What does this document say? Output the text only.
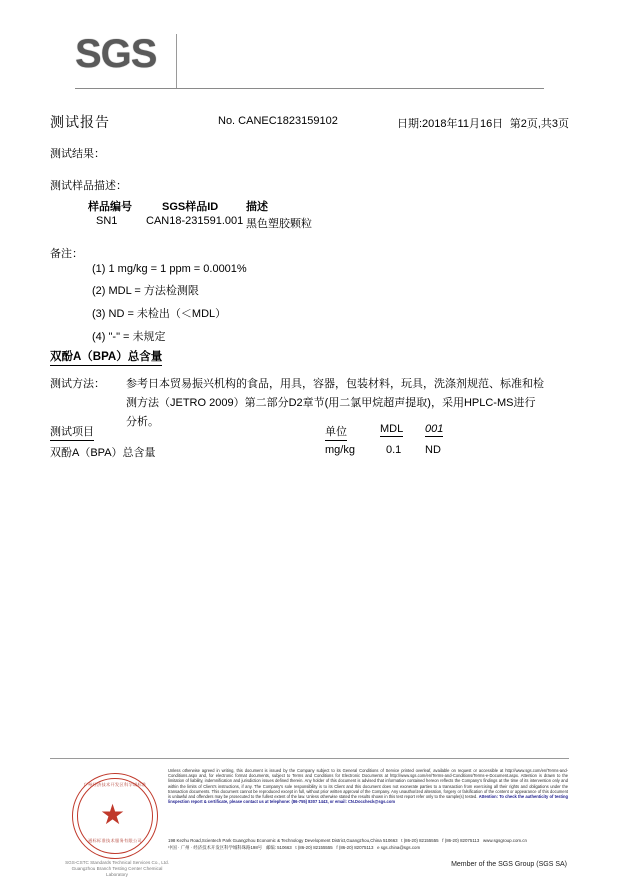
SGS
测试报告	No. CANEC1823159102	日期:2018年11月16日 第2页,共3页
测试结果：
测试样品描述：
样品编号	SGS样品ID	描述
SN1	CAN18-231591.001 黑色塑胶颗粒
备注：
(1) 1 mg/kg = 1 ppm = 0.0001%
(2) MDL = 方法检测限
(3) ND = 未检出（＜MDL）
(4) "-" = 未规定
双酚A（BPA）总含量
测试方法： 参考日本贸易振兴机构的食品，用具，容器，包装材料，玩具，洗涤剂规范、标准和检测方法（JETRO 2009）第二部分D2章节(用二氯甲烷超声提取)，采用HPLC-MS进行分析。
测试项目	单位	MDL 001
双酚A（BPA）总含量	mg/kg	0.1 ND
广州经济技术开发区科学城标准
★
通标标准技术服务有限公司
SGS-CSTC Standards Technical Services Co., Ltd.
Guangzhou Branch Testing Center Chemical Laboratory
Unless otherwise agreed in writing, this document is issued by the Company subject to its General Conditions of Service printed overleaf, available on request or accessible at http://www.sgs.com/en/Terms-and-Conditions.aspx and, for electronic format documents, subject to Terms and Conditions for Electronic Documents at http://www.sgs.com/en/Terms-and-Conditions/Terms-e-Document.aspx. Attention is drawn to the limitation of liability, indemnification and jurisdiction issues defined therein. Any holder of this document is advised that information contained hereon reflects the Company's findings at the time of its intervention only and within the limits of Client's instructions, if any. The Company's sole responsibility is to its Client and this document does not exonerate parties to a transaction from exercising all their rights and obligations under the transaction documents. This document cannot be reproduced except in full, without prior written approval of the Company. Any unauthorized alteration, forgery or falsification of the content or appearance of this document is unlawful and offenders may be prosecuted to the fullest extent of the law. Unless otherwise stated the results shown in this test report refer only to the sample(s) tested. Attention: To check the authenticity of testing /inspection report & certificate, please contact us at telephone: (86-755) 8307 1443, or email: CN.Doccheck@sgs.com
198 Kezhu Road,Scientech Park Guangzhou Economic & Technology Development District,Guangzhou,China 510663 t (86-20) 82155555 f (86-20) 82075113 www.sgsgroup.com.cn
中国 · 广州 · 经济技术开发区科学城科珠路198号 邮编: 510663 t (86-20) 82155555 f (86-20) 82075113 e sgs.china@sgs.com
Member of the SGS Group (SGS SA)
